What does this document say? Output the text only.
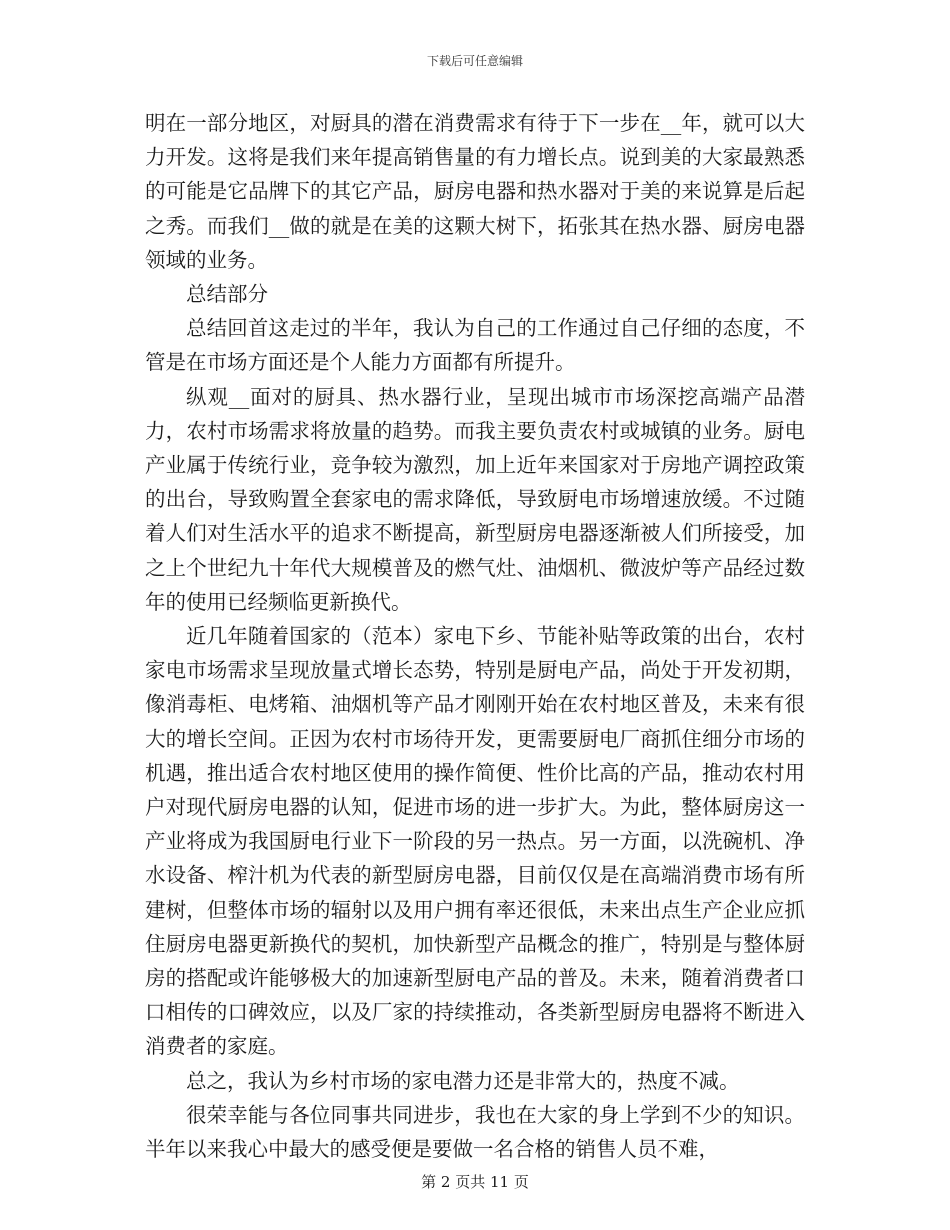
下载后可任意编辑

明在一部分地区，对厨具的潜在消费需求有待于下一步在__年，就可以大力开发。这将是我们来年提高销售量的有力增长点。说到美的大家最熟悉的可能是它品牌下的其它产品，厨房电器和热水器对于美的来说算是后起之秀。而我们__做的就是在美的这颗大树下，拓张其在热水器、厨房电器领域的业务。

总结部分

总结回首这走过的半年，我认为自己的工作通过自己仔细的态度，不管是在市场方面还是个人能力方面都有所提升。

纵观__面对的厨具、热水器行业，呈现出城市市场深挖高端产品潜力，农村市场需求将放量的趋势。而我主要负责农村或城镇的业务。厨电产业属于传统行业，竞争较为激烈，加上近年来国家对于房地产调控政策的出台，导致购置全套家电的需求降低，导致厨电市场增速放缓。不过随着人们对生活水平的追求不断提高，新型厨房电器逐渐被人们所接受，加之上个世纪九十年代大规模普及的燃气灶、油烟机、微波炉等产品经过数年的使用已经频临更新换代。

近几年随着国家的（范本）家电下乡、节能补贴等政策的出台，农村家电市场需求呈现放量式增长态势，特别是厨电产品，尚处于开发初期，像消毒柜、电烤箱、油烟机等产品才刚刚开始在农村地区普及，未来有很大的增长空间。正因为农村市场待开发，更需要厨电厂商抓住细分市场的机遇，推出适合农村地区使用的操作简便、性价比高的产品，推动农村用户对现代厨房电器的认知，促进市场的进一步扩大。为此，整体厨房这一产业将成为我国厨电行业下一阶段的另一热点。另一方面，以洗碗机、净水设备、榨汁机为代表的新型厨房电器，目前仅仅是在高端消费市场有所建树，但整体市场的辐射以及用户拥有率还很低，未来出点生产企业应抓住厨房电器更新换代的契机，加快新型产品概念的推广，特别是与整体厨房的搭配或许能够极大的加速新型厨电产品的普及。未来，随着消费者口口相传的口碑效应，以及厂家的持续推动，各类新型厨房电器将不断进入消费者的家庭。

总之，我认为乡村市场的家电潜力还是非常大的，热度不减。

很荣幸能与各位同事共同进步，我也在大家的身上学到不少的知识。半年以来我心中最大的感受便是要做一名合格的销售人员不难，

第 2 页共 11 页
